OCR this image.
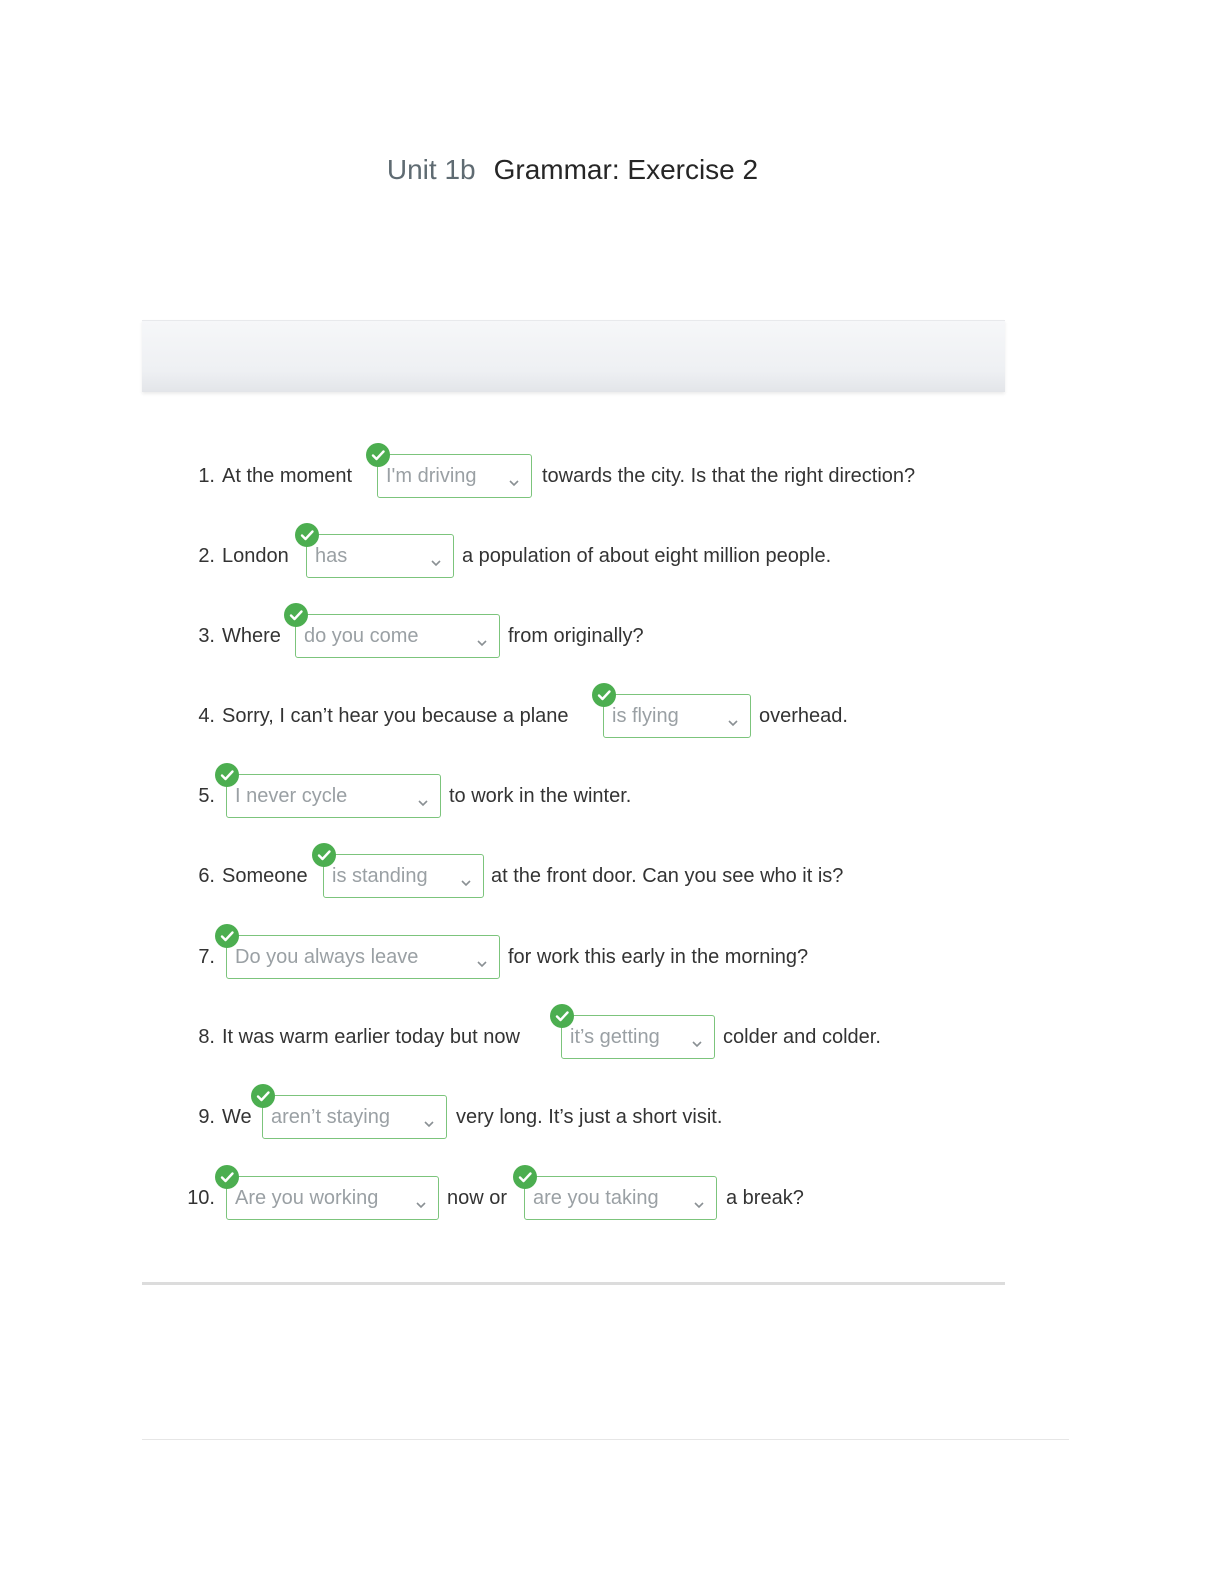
Unit 1b Grammar: Exercise 2
1. At the moment I'm driving	towards the city. Is that the right direction?
2. London has	a population of about eight million people.
3. Where do you come	from originally?
4. Sorry, I can’t hear you because a plane is flying	overhead.
5. I never cycle	to work in the winter.
6. Someone is standing	at the front door. Can you see who it is?
7. Do you always leave	for work this early in the morning?
8. It was warm earlier today but now	it’s getting	colder and colder.
9. We aren’t staying	very long. It’s just a short visit.
10. Are you working	now or are you taking	a break?
